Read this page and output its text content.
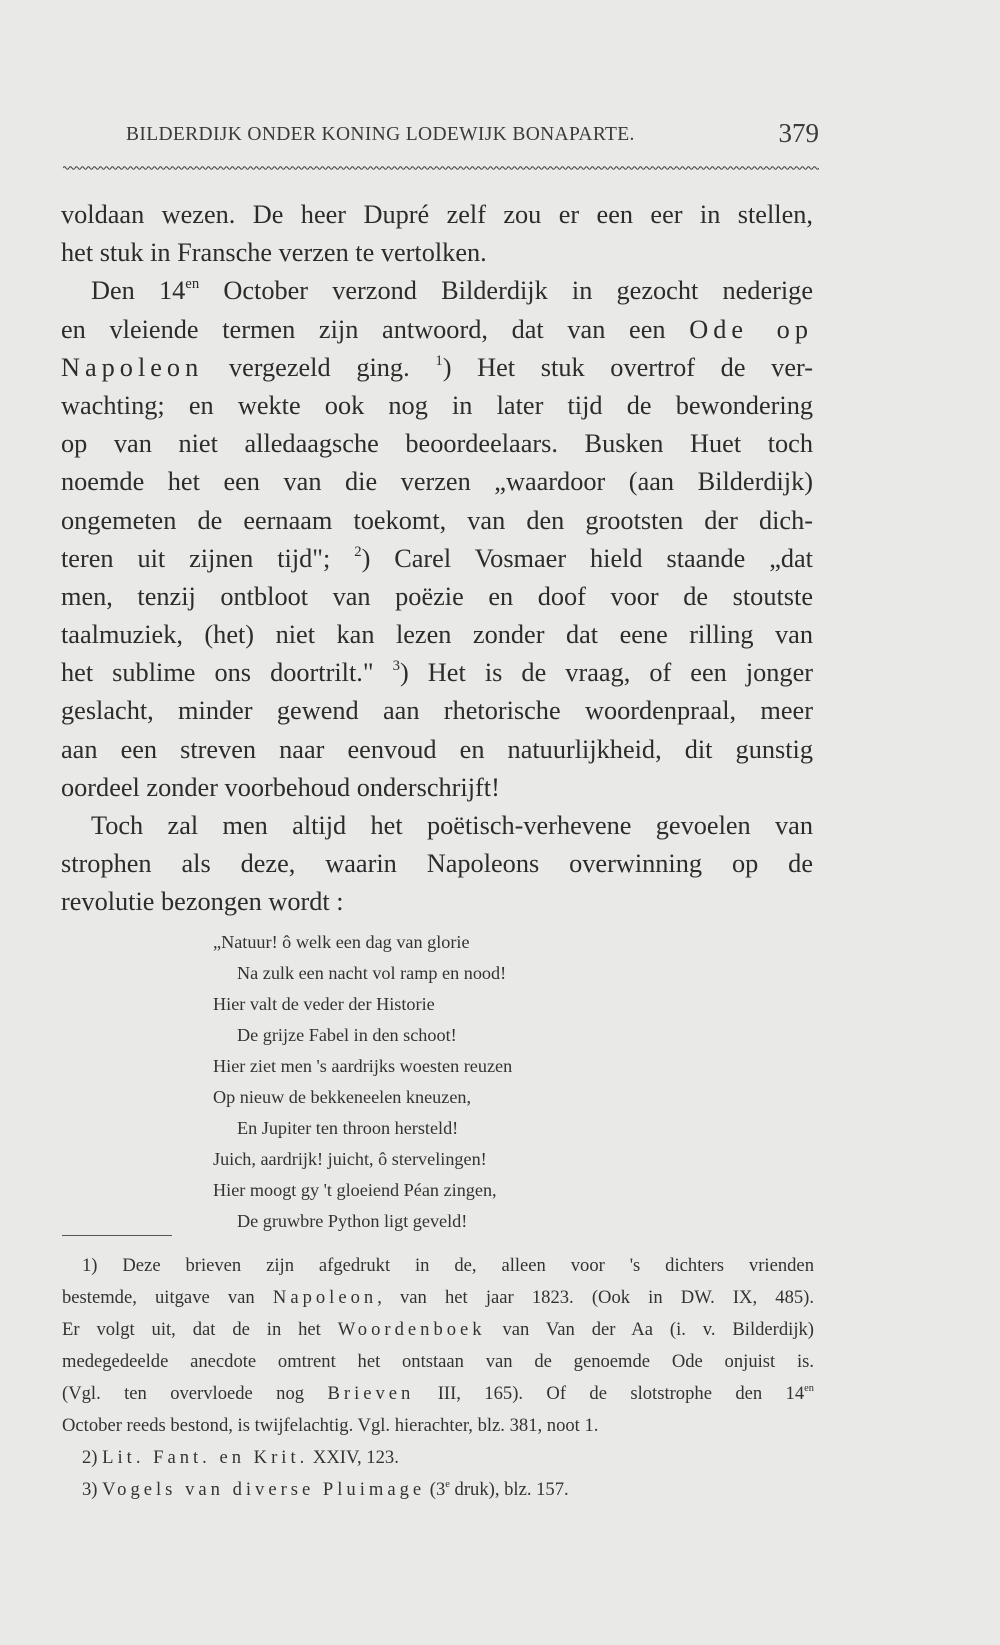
BILDERDIJK ONDER KONING LODEWIJK BONAPARTE.	379
voldaan wezen. De heer Dupré zelf zou er een eer in stellen,
het stuk in Fransche verzen te vertolken.
Den $14^{en}$ October verzond Bilderdijk in gezocht nederige
en vleiende termen zijn antwoord, dat van een Ode op
Napoleon vergezeld ging. $^1$) Het stuk overtrof de ver-
wachting; en wekte ook nog in later tijd de bewondering
op van niet alledaagsche beoordeelaars. Busken Huet toch
noemde het een van die verzen „waardoor (aan Bilderdijk)
ongemeten de eernaam toekomt, van den grootsten der dich-
teren uit zijnen tijd"; $^2$) Carel Vosmaer hield staande „dat
men, tenzij ontbloot van poëzie en doof voor de stoutste
taalmuziek, (het) niet kan lezen zonder dat eene rilling van
het sublime ons doortrilt." $^3$) Het is de vraag, of een jonger
geslacht, minder gewend aan rhetorische woordenpraal, meer
aan een streven naar eenvoud en natuurlijkheid, dit gunstig
oordeel zonder voorbehoud onderschrijft!
Toch zal men altijd het poëtisch-verhevene gevoelen van
strophen als deze, waarin Napoleons overwinning op de
revolutie bezongen wordt :
„Natuur! ô welk een dag van glorie
Na zulk een nacht vol ramp en nood!
Hier valt de veder der Historie
De grijze Fabel in den schoot!
Hier ziet men 's aardrijks woesten reuzen
Op nieuw de bekkeneelen kneuzen,
En Jupiter ten throon hersteld!
Juich, aardrijk! juicht, ô stervelingen!
Hier moogt gy 't gloeiend Péan zingen,
De gruwbre Python ligt geveld!
1) Deze brieven zijn afgedrukt in de, alleen voor 's dichters vrienden
bestemde, uitgave van Napoleon, van het jaar 1823. (Ook in DW. IX, 485).
Er volgt uit, dat de in het Woordenboek van Van der Aa (i. v. Bilderdijk)
medegedeelde anecdote omtrent het ontstaan van de genoemde Ode onjuist is.
(Vgl. ten overvloede nog Brieven III, 165). Of de slotstrophe den $14^{en}$
October reeds bestond, is twijfelachtig. Vgl. hierachter, blz. 381, noot 1.
2) Lit. Fant. en Krit. XXIV, 123.
3) Vogels van diverse Pluimage (3e druk), blz. 157.
